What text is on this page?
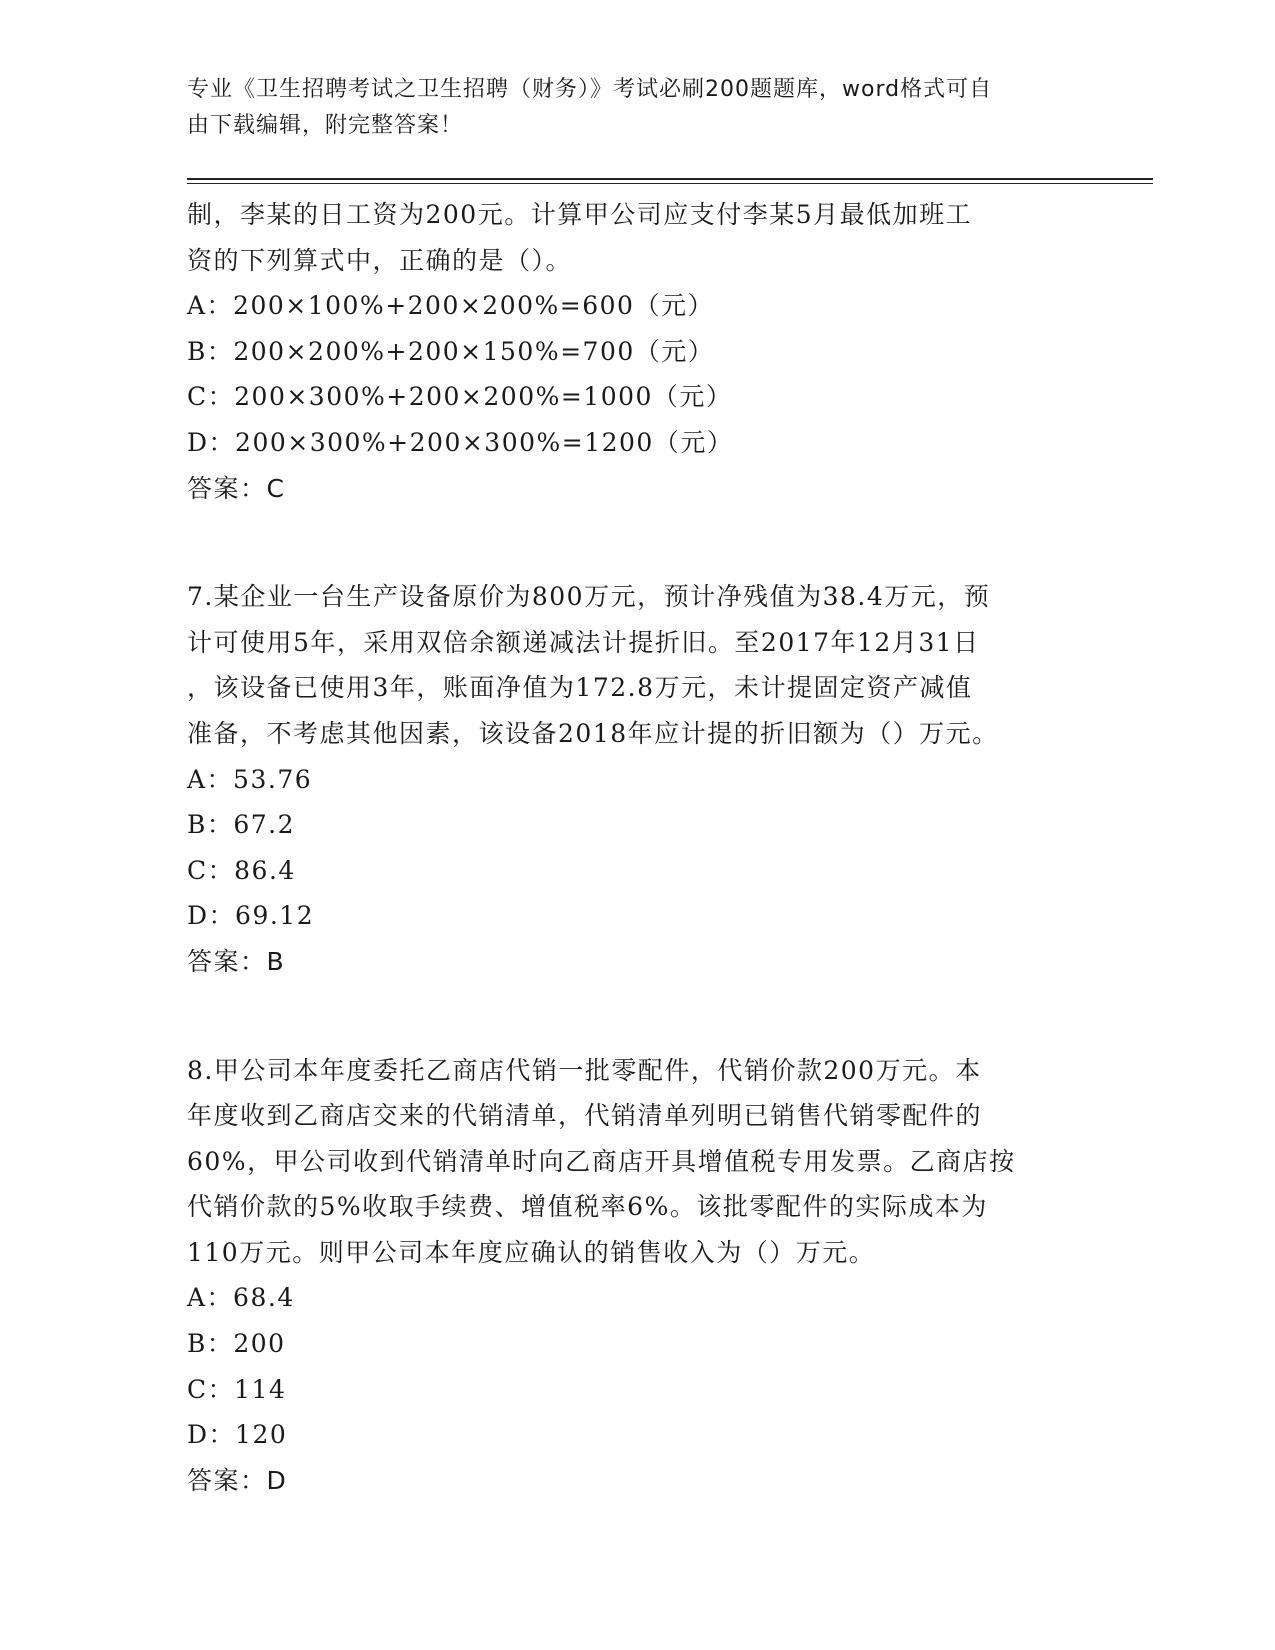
专业《卫生招聘考试之卫生招聘（财务）》考试必刷200题题库，word格式可自
由下载编辑，附完整答案！
制，李某的日工资为200元。计算甲公司应支付李某5月最低加班工
资的下列算式中，正确的是（）。
A：200×100%+200×200%=600（元）
B：200×200%+200×150%=700（元）
C：200×300%+200×200%=1000（元）
D：200×300%+200×300%=1200（元）
答案：C
7.某企业一台生产设备原价为800万元，预计净残值为38.4万元，预
计可使用5年，采用双倍余额递减法计提折旧。至2017年12月31日
，该设备已使用3年，账面净值为172.8万元，未计提固定资产减值
准备，不考虑其他因素，该设备2018年应计提的折旧额为（）万元。
A：53.76
B：67.2
C：86.4
D：69.12
答案：B
8.甲公司本年度委托乙商店代销一批零配件，代销价款200万元。本
年度收到乙商店交来的代销清单，代销清单列明已销售代销零配件的
60%，甲公司收到代销清单时向乙商店开具增值税专用发票。乙商店按
代销价款的5%收取手续费、增值税率6%。该批零配件的实际成本为
110万元。则甲公司本年度应确认的销售收入为（）万元。
A：68.4
B：200
C：114
D：120
答案：D
